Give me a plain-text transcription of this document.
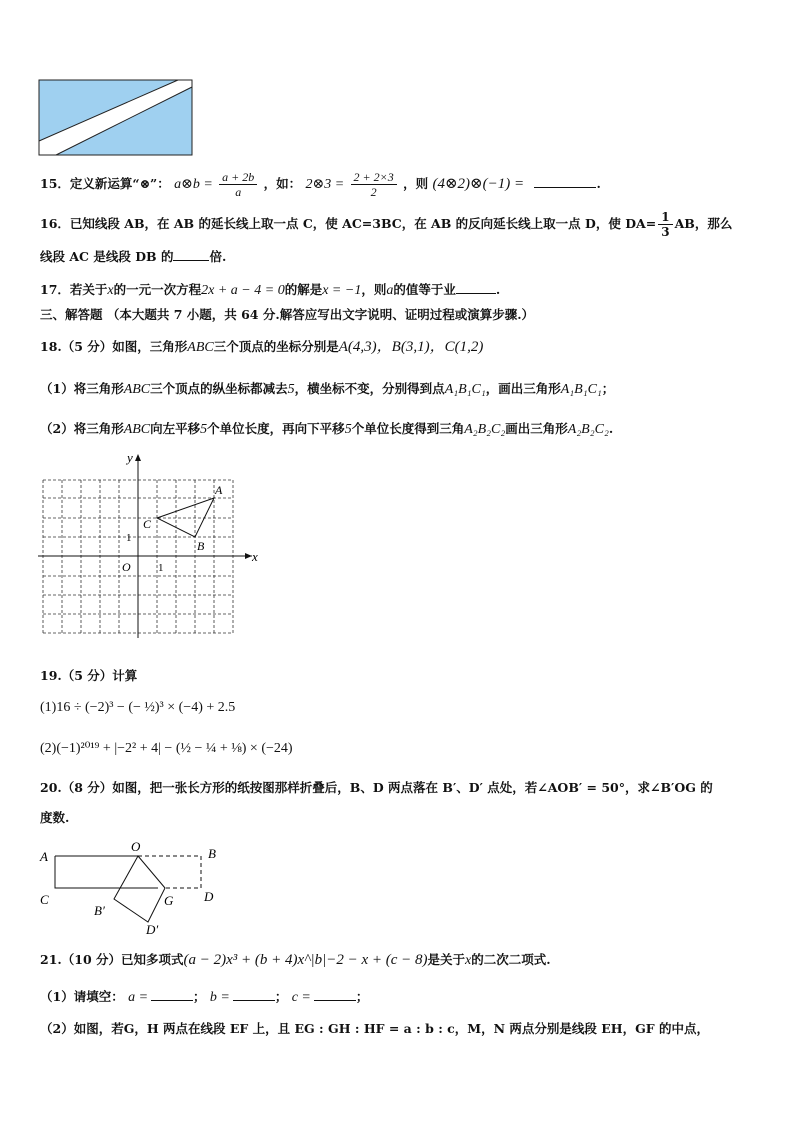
15．定义新运算“⊗”： a⊗b = $\frac{a + 2b}{a}$ ，如： 2⊗3 = $\frac{2 + 2\times 3}{2}$ ，则 (4⊗2)⊗(−1) =	.
16．已知线段 AB，在 AB 的延长线上取一点 C，使 AC=3BC，在 AB 的反向延长线上取一点 D，使 $DA= \frac{1}{3}$ AB，那么
线段 AC 是线段 DB 的	倍.
17．若关于x的一元一次方程2x + a − 4 = 0的解是x = −1，则a的值等于业	.
三、解答题 （本大题共 7 小题，共 64 分.解答应写出文字说明、证明过程或演算步骤.）
18.（5 分）如图，三角形ABC三个顶点的坐标分别是A(4,3)，B(3,1)，C(1,2)
（1）将三角形ABC三个顶点的纵坐标都减去5，横坐标不变，分别得到点A₁B₁C₁，画出三角形A₁B₁C₁；
（2）将三角形ABC向左平移5个单位长度，再向下平移5个单位长度得到三角A₂B₂C₂画出三角形A₂B₂C₂.
y
x
O 1
1
A
B
C
19.（5 分）计算
(1)16 ÷ (−2)³ − (− ½)³ × (−4) + 2.5
(2)(−1)²⁰¹⁹ + |−2² + 4| − (½ − ¼ + ⅛) × (−24)
20.（8 分）如图，把一张长方形的纸按图那样折叠后，B、D 两点落在 B′、D′ 点处，若∠AOB′ = 50°，求∠B′OG 的
度数.
A
C
O	B
D
G
B′
D′
21.（10 分）已知多项式(a − 2)x³ + (b + 4)x^|b|−2 − x + (c − 8)是关于x的二次二项式.
（1）请填空： a =	； b =	； c =	；
（2）如图，若G，H 两点在线段 EF 上，且 EG : GH : HF = a : b : c，M，N 两点分别是线段 EH，GF 的中点，
